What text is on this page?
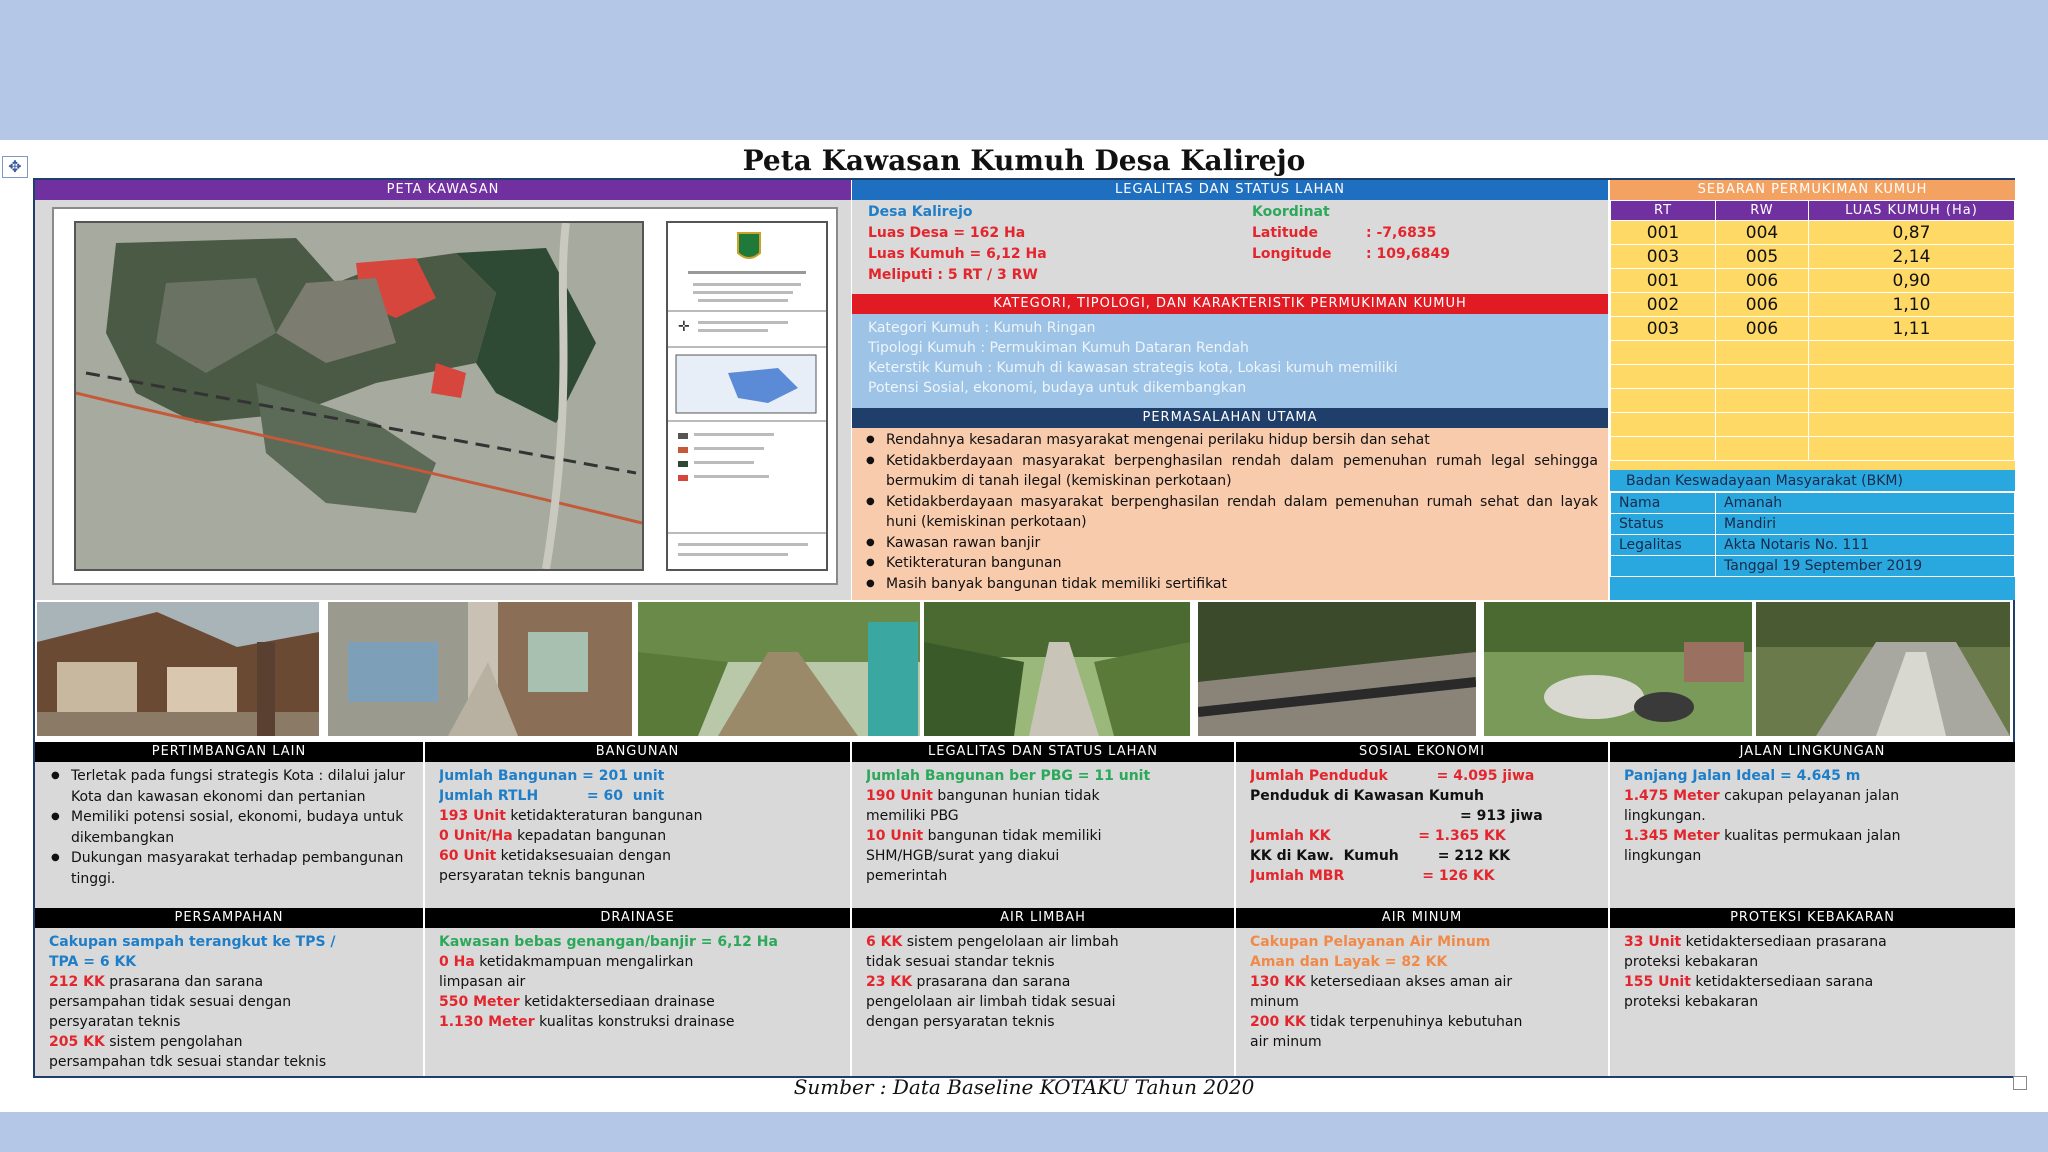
✥	Peta Kawasan Kumuh Desa Kalirejo
PETA KAWASAN
✛
LEGALITAS DAN STATUS LAHAN
Desa Kalirejo
Luas Desa = 162 Ha
Luas Kumuh = 6,12 Ha
Meliputi : 5 RT / 3 RW
Koordinat
Latitude	: -7,6835
Longitude : 109,6849
KATEGORI, TIPOLOGI, DAN KARAKTERISTIK PERMUKIMAN KUMUH
Kategori Kumuh : Kumuh Ringan
Tipologi Kumuh : Permukiman Kumuh Dataran Rendah
Keterstik Kumuh : Kumuh di kawasan strategis kota, Lokasi kumuh memiliki
Potensi Sosial, ekonomi, budaya untuk dikembangkan
PERMASALAHAN UTAMA
● Rendahnya kesadaran masyarakat mengenai perilaku hidup bersih dan sehat
● Ketidakberdayaan masyarakat berpenghasilan rendah dalam pemenuhan rumah legal sehingga bermukim di tanah ilegal (kemiskinan perkotaan)
● Ketidakberdayaan masyarakat berpenghasilan rendah dalam pemenuhan rumah sehat dan layak huni (kemiskinan perkotaan)
● Kawasan rawan banjir
● Ketikteraturan bangunan
● Masih banyak bangunan tidak memiliki sertifikat
SEBARAN PERMUKIMAN KUMUH
RT	RW	LUAS KUMUH (Ha)
001	004	0,87
003	005	2,14
001	006	0,90
002	006	1,10
003	006	1,11

Badan Keswadayaan Masyarakat (BKM)
Nama	Amanah
Status	Mandiri
Legalitas	Akta Notaris No. 111
	Tanggal 19 September 2019
PERTIMBANGAN LAIN
● Terletak pada fungsi strategis Kota : dilalui jalur Kota dan kawasan ekonomi dan pertanian
● Memiliki potensi sosial, ekonomi, budaya untuk dikembangkan
● Dukungan masyarakat terhadap pembangunan tinggi.
BANGUNAN
Jumlah Bangunan = 201 unit
Jumlah RTLH          = 60  unit
193 Unit ketidakteraturan bangunan
0 Unit/Ha kepadatan bangunan
60 Unit ketidaksesuaian dengan
persyaratan teknis bangunan
LEGALITAS DAN STATUS LAHAN
Jumlah Bangunan ber PBG = 11 unit
190 Unit bangunan hunian tidak
memiliki PBG
10 Unit bangunan tidak memiliki
SHM/HGB/surat yang diakui
pemerintah
SOSIAL EKONOMI
Jumlah Penduduk          = 4.095 jiwa
Penduduk di Kawasan Kumuh
= 913 jiwa
Jumlah KK                  = 1.365 KK
KK di Kaw.  Kumuh        = 212 KK
Jumlah MBR                = 126 KK
JALAN LINGKUNGAN
Panjang Jalan Ideal = 4.645 m
1.475 Meter cakupan pelayanan jalan
lingkungan.
1.345 Meter kualitas permukaan jalan
lingkungan
PERSAMPAHAN
Cakupan sampah terangkut ke TPS /
TPA = 6 KK
212 KK prasarana dan sarana
persampahan tidak sesuai dengan
persyaratan teknis
205 KK sistem pengolahan
persampahan tdk sesuai standar teknis
DRAINASE
Kawasan bebas genangan/banjir = 6,12 Ha
0 Ha ketidakmampuan mengalirkan
limpasan air
550 Meter ketidaktersediaan drainase
1.130 Meter kualitas konstruksi drainase
AIR LIMBAH
6 KK sistem pengelolaan air limbah
tidak sesuai standar teknis
23 KK prasarana dan sarana
pengelolaan air limbah tidak sesuai
dengan persyaratan teknis
AIR MINUM
Cakupan Pelayanan Air Minum
Aman dan Layak = 82 KK
130 KK ketersediaan akses aman air
minum
200 KK tidak terpenuhinya kebutuhan
air minum
PROTEKSI KEBAKARAN
33 Unit ketidaktersediaan prasarana
proteksi kebakaran
155 Unit ketidaktersediaan sarana
proteksi kebakaran
Sumber : Data Baseline KOTAKU Tahun 2020
